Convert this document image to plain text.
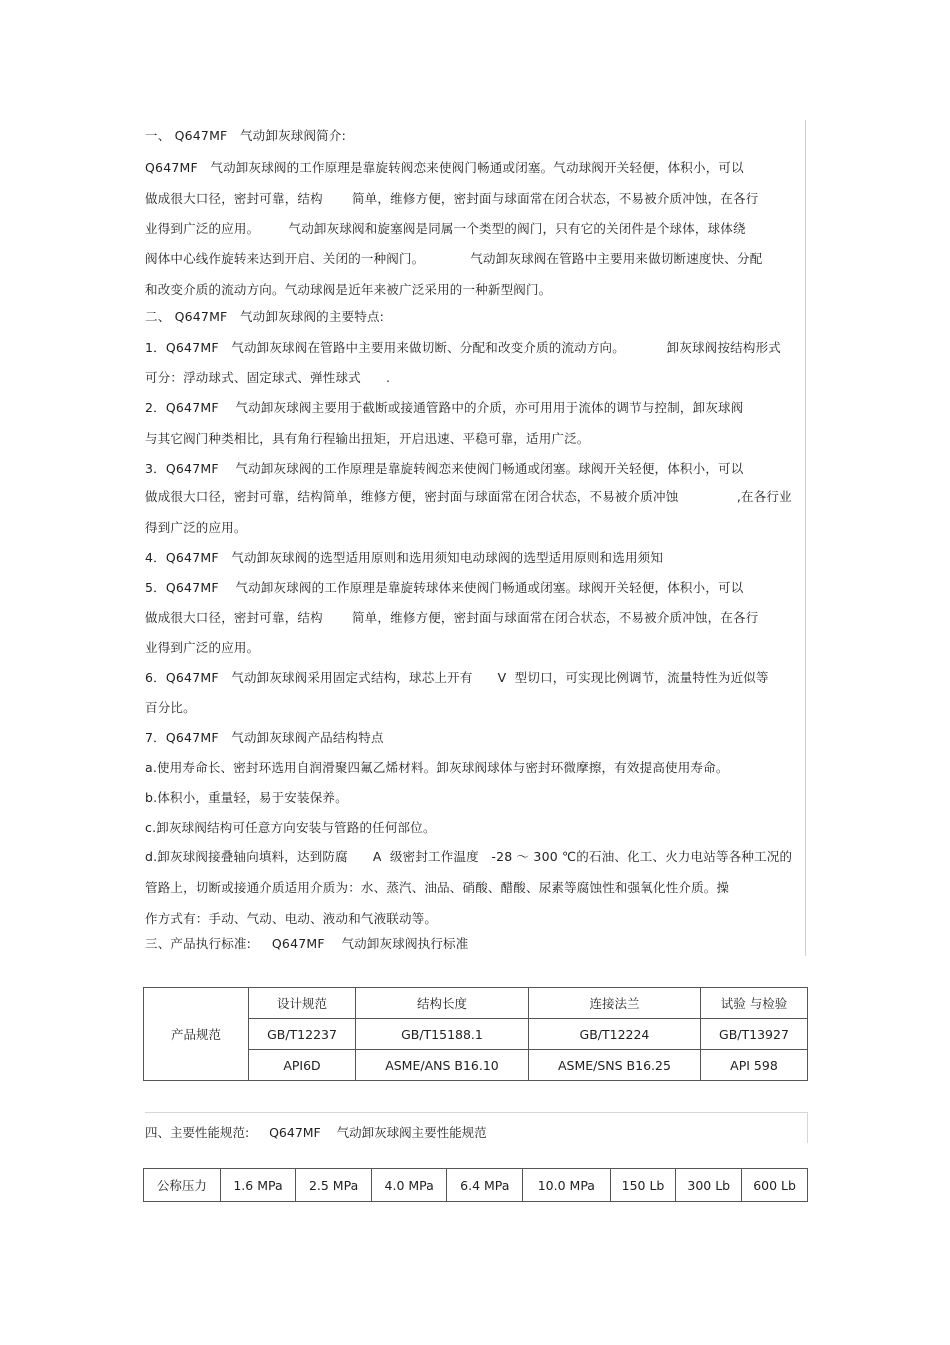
一、 Q647MF   气动卸灰球阀简介:
Q647MF   气动卸灰球阀的工作原理是靠旋转阀恋来使阀门畅通或闭塞。气动球阀开关轻便，体积小，可以
做成很大口径，密封可靠，结构       简单，维修方便，密封面与球面常在闭合状态，不易被介质冲蚀，在各行
业得到广泛的应用。       气动卸灰球阀和旋塞阀是同属一个类型的阀门，只有它的关闭件是个球体，球体绕
阀体中心线作旋转来达到开启、关闭的一种阀门。           气动卸灰球阀在管路中主要用来做切断速度快、分配
和改变介质的流动方向。气动球阀是近年来被广泛采用的一种新型阀门。
二、 Q647MF   气动卸灰球阀的主要特点:
1．Q647MF   气动卸灰球阀在管路中主要用来做切断、分配和改变介质的流动方向。          卸灰球阀按结构形式
可分：浮动球式、固定球式、弹性球式      .
2．Q647MF    气动卸灰球阀主要用于截断或接通管路中的介质，亦可用用于流体的调节与控制，卸灰球阀
与其它阀门种类相比，具有角行程输出扭矩，开启迅速、平稳可靠，适用广泛。
3．Q647MF    气动卸灰球阀的工作原理是靠旋转阀恋来使阀门畅通或闭塞。球阀开关轻便，体积小，可以
做成很大口径，密封可靠，结构简单，维修方便，密封面与球面常在闭合状态，不易被介质冲蚀              ,在各行业
得到广泛的应用。
4．Q647MF   气动卸灰球阀的选型适用原则和选用须知电动球阀的选型适用原则和选用须知
5．Q647MF    气动卸灰球阀的工作原理是靠旋转球体来使阀门畅通或闭塞。球阀开关轻便，体积小，可以
做成很大口径，密封可靠，结构       简单，维修方便，密封面与球面常在闭合状态，不易被介质冲蚀，在各行
业得到广泛的应用。
6．Q647MF   气动卸灰球阀采用固定式结构，球芯上开有      V  型切口，可实现比例调节，流量特性为近似等
百分比。
7．Q647MF   气动卸灰球阀产品结构特点
a.使用寿命长、密封环选用自润滑聚四氟乙烯材料。卸灰球阀球体与密封环微摩擦，有效提高使用寿命。
b.体积小，重量轻，易于安装保养。
c.卸灰球阀结构可任意方向安装与管路的任何部位。
d.卸灰球阀接叠轴向填料，达到防腐      A  级密封工作温度   -28 ～ 300 ℃的石油、化工、火力电站等各种工况的
管路上，切断或接通介质适用介质为：水、蒸汽、油品、硝酸、醋酸、尿素等腐蚀性和强氧化性介质。操
作方式有：手动、气动、电动、液动和气液联动等。
三、产品执行标准:     Q647MF    气动卸灰球阀执行标准
产品规范	设计规范	结构长度	连接法兰	试验 与检验
	GB/T12237	GB/T15188.1	GB/T12224	GB/T13927
	API6D	ASME/ANS B16.10	ASME/SNS B16.25	API 598
四、主要性能规范:     Q647MF    气动卸灰球阀主要性能规范
公称压力	1.6 MPa	2.5 MPa	4.0 MPa	6.4 MPa	10.0 MPa	150 Lb	300 Lb	600 Lb
